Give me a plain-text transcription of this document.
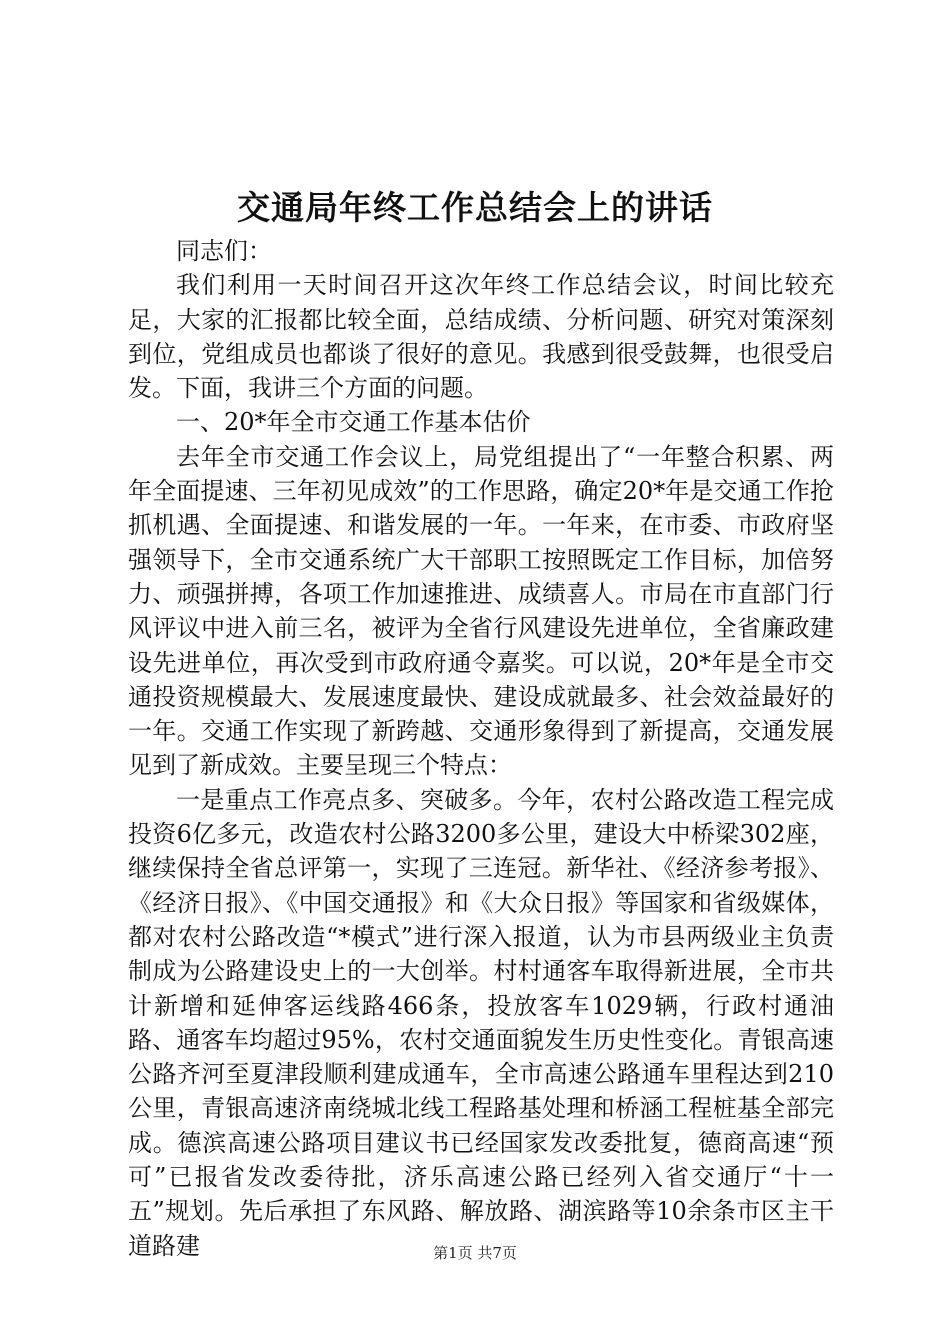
交通局年终工作总结会上的讲话

同志们：

我们利用一天时间召开这次年终工作总结会议，时间比较充足，大家的汇报都比较全面，总结成绩、分析问题、研究对策深刻到位，党组成员也都谈了很好的意见。我感到很受鼓舞，也很受启发。下面，我讲三个方面的问题。

一、20*年全市交通工作基本估价

去年全市交通工作会议上，局党组提出了“一年整合积累、两年全面提速、三年初见成效”的工作思路，确定20*年是交通工作抢抓机遇、全面提速、和谐发展的一年。一年来，在市委、市政府坚强领导下，全市交通系统广大干部职工按照既定工作目标，加倍努力、顽强拼搏，各项工作加速推进、成绩喜人。市局在市直部门行风评议中进入前三名，被评为全省行风建设先进单位，全省廉政建设先进单位，再次受到市政府通令嘉奖。可以说，20*年是全市交通投资规模最大、发展速度最快、建设成就最多、社会效益最好的一年。交通工作实现了新跨越、交通形象得到了新提高，交通发展见到了新成效。主要呈现三个特点：

一是重点工作亮点多、突破多。今年，农村公路改造工程完成投资6亿多元，改造农村公路3200多公里，建设大中桥梁302座，继续保持全省总评第一，实现了三连冠。新华社、《经济参考报》、《经济日报》、《中国交通报》和《大众日报》等国家和省级媒体，都对农村公路改造“*模式”进行深入报道，认为市县两级业主负责制成为公路建设史上的一大创举。村村通客车取得新进展，全市共计新增和延伸客运线路466条，投放客车1029辆，行政村通油路、通客车均超过95%，农村交通面貌发生历史性变化。青银高速公路齐河至夏津段顺利建成通车，全市高速公路通车里程达到210公里，青银高速济南绕城北线工程路基处理和桥涵工程桩基全部完成。德滨高速公路项目建议书已经国家发改委批复，德商高速“预可”已报省发改委待批，济乐高速公路已经列入省交通厅“十一五”规划。先后承担了东风路、解放路、湖滨路等10余条市区主干道路建	第1页 共7页
